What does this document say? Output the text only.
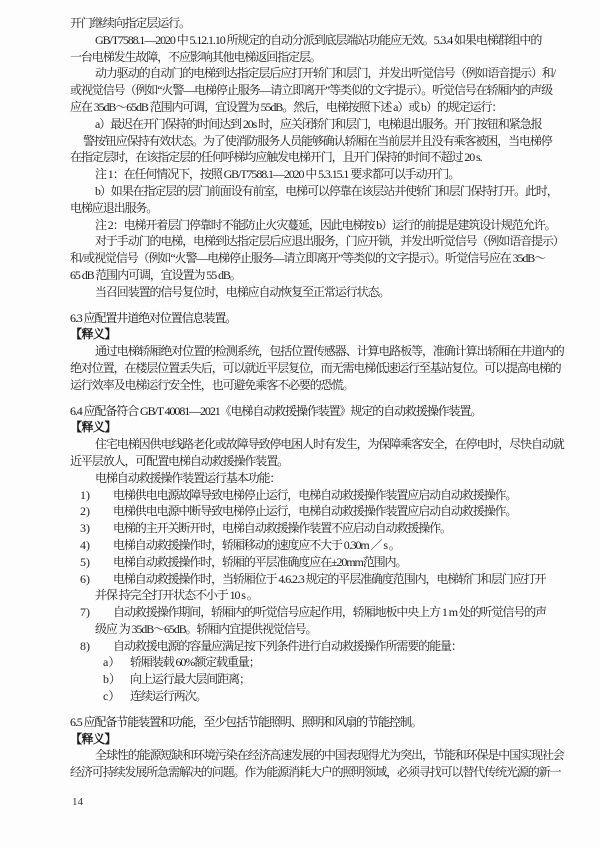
开门继续向指定层运行。

GB/T7588.1—2020 中 5.12.1.10 所规定的自动分派到底层端站功能应无效。5.3.4 如果电梯群组中的

一台电梯发生故障，不应影响其他电梯返回指定层。

动力驱动的自动门的电梯到达指定层后应打开轿门和层门，并发出听觉信号（例如语音提示）和/

或视觉信号（例如“火警—电梯停止服务—请立即离开”等类似的文字提示）。听觉信号在轿厢内的声级

应在 35dB～65dB 范围内可调，宜设置为 55dB。然后，电梯按照下述 a）或 b）的规定运行：

a）最迟在开门保持的时间达到 20s 时，应关闭轿门和层门，电梯退出服务。开门按钮和紧急报

警按钮应保持有效状态。为了使消防服务人员能够确认轿厢在当前层并且没有乘客被困，当电梯停

在指定层时，在该指定层的任何呼梯均应触发电梯开门，且开门保持的时间不超过 20 s.

注 1：在任何情况下，按照 GB/T7588.1—2020 中 5.3.15.1 要求都可以手动开门。

b）如果在指定层的层门前面设有前室，电梯可以停靠在该层站并使轿门和层门保持打开。此时，

电梯应退出服务。

注 2：电梯开着层门停靠时不能防止火灾蔓延，因此电梯按 b）运行的前提是建筑设计规范允许。

对于手动门的电梯，电梯到达指定层后应退出服务，门应开锁，并发出听觉信号（例如语音提示）

和/或视觉信号（例如“火警—电梯停止服务—请立即离开”等类似的文字提示）。听觉信号应在 35dB～

65 dB 范围内可调，宜设置为 55 dB。

当召回装置的信号复位时，电梯应自动恢复至正常运行状态。

6.3 应配置井道绝对位置信息装置。

【释义】

通过电梯轿厢绝对位置的检测系统，包括位置传感器、计算电路板等，准确计算出轿厢在井道内的

绝对位置，在楼层位置丢失后，可以就近平层复位，而无需电梯低速运行至基站复位。可以提高电梯的

运行效率及电梯运行安全性，也可避免乘客不必要的恐慌。

6.4 应配备符合 GB/T 40081—2021《电梯自动救援操作装置》规定的自动救援操作装置。

【释义】

住宅电梯因供电线路老化或故障导致停电困人时有发生，为保障乘客安全，在停电时，尽快自动就

近平层放人，可配置电梯自动救援操作装置。

电梯自动救援操作装置运行基本功能：

1)	电梯供电电源故障导致电梯停止运行，电梯自动救援操作装置应启动自动救援操作。

2)	电梯供电电源中断导致电梯停止运行，电梯自动救援操作装置应启动自动救援操作。

3)	电梯的主开关断开时，电梯自动救援操作装置不应启动自动救援操作。

4)	电梯自动救援操作时，轿厢移动的速度应不大于 0.30m ／ s 。

5)	电梯自动救援操作时，轿厢的平层准确度应在±20mm范围内。

6)	电梯自动救援操作时，当轿厢位于 4.6.2.3 规定的平层准确度范围内，电梯轿门和层门应打开

并保 持完全打开状态不小于 10 s 。

7)	自动救援操作期间，轿厢内的听觉信号应起作用，轿厢地板中央上方 1 m 处的听觉信号的声

级应 为 35dB～65dB。轿厢内宜提供视觉信号。

8)	自动救援电源的容量应满足按下列条件进行自动救援操作所需要的能量：

a） 轿厢装载 60%额定载重量；

b） 向上运行最大层间距离；

c） 连续运行两次。

6.5 应配备节能装置和功能，至少包括节能照明、照明和风扇的节能控制。

【释义】

全球性的能源短缺和环境污染在经济高速发展的中国表现得尤为突出，节能和环保是中国实现社会

经济可持续发展所急需解决的问题。作为能源消耗大户的照明领域，必须寻找可以替代传统光源的新一

14
